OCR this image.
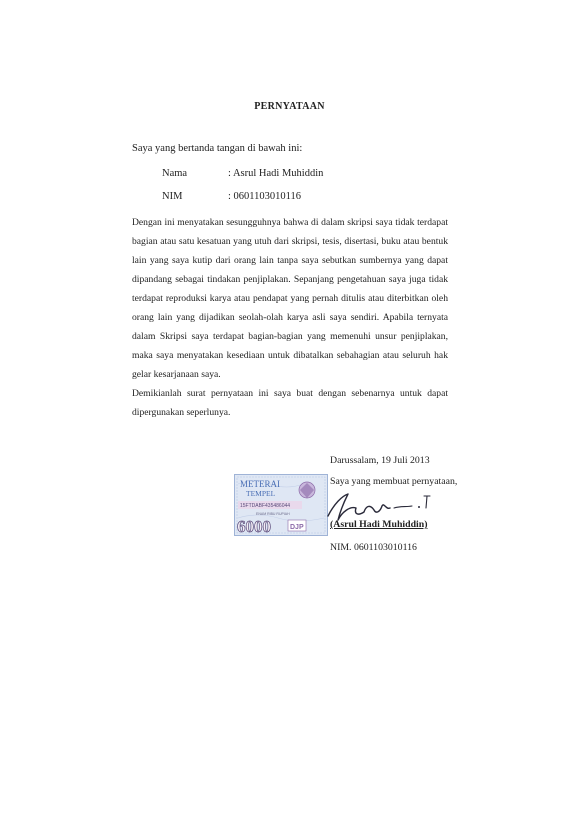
PERNYATAAN
Saya yang bertanda tangan di bawah ini:
Nama	: Asrul Hadi Muhiddin
NIM	: 0601103010116

Dengan ini menyatakan sesungguhnya bahwa di dalam skripsi saya tidak terdapat bagian atau satu kesatuan yang utuh dari skripsi, tesis, disertasi, buku atau bentuk lain yang saya kutip dari orang lain tanpa saya sebutkan sumbernya yang dapat dipandang sebagai tindakan penjiplakan. Sepanjang pengetahuan saya juga tidak terdapat reproduksi karya atau pendapat yang pernah ditulis atau diterbitkan oleh orang lain yang dijadikan seolah-olah karya asli saya sendiri. Apabila ternyata dalam Skripsi saya terdapat bagian-bagian yang memenuhi unsur penjiplakan, maka saya menyatakan kesediaan untuk dibatalkan sebahagian atau seluruh hak gelar kesarjanaan saya.

Demikianlah surat pernyataan ini saya buat dengan sebenarnya untuk dapat dipergunakan seperlunya.

Darussalam, 19 Juli 2013
Saya yang membuat pernyataan,
METERAI
TEMPEL
15FTDABF435486044
ENAM RIBU RUPIAH
6000	DJP	(Asrul Hadi Muhiddin)
NIM. 0601103010116
